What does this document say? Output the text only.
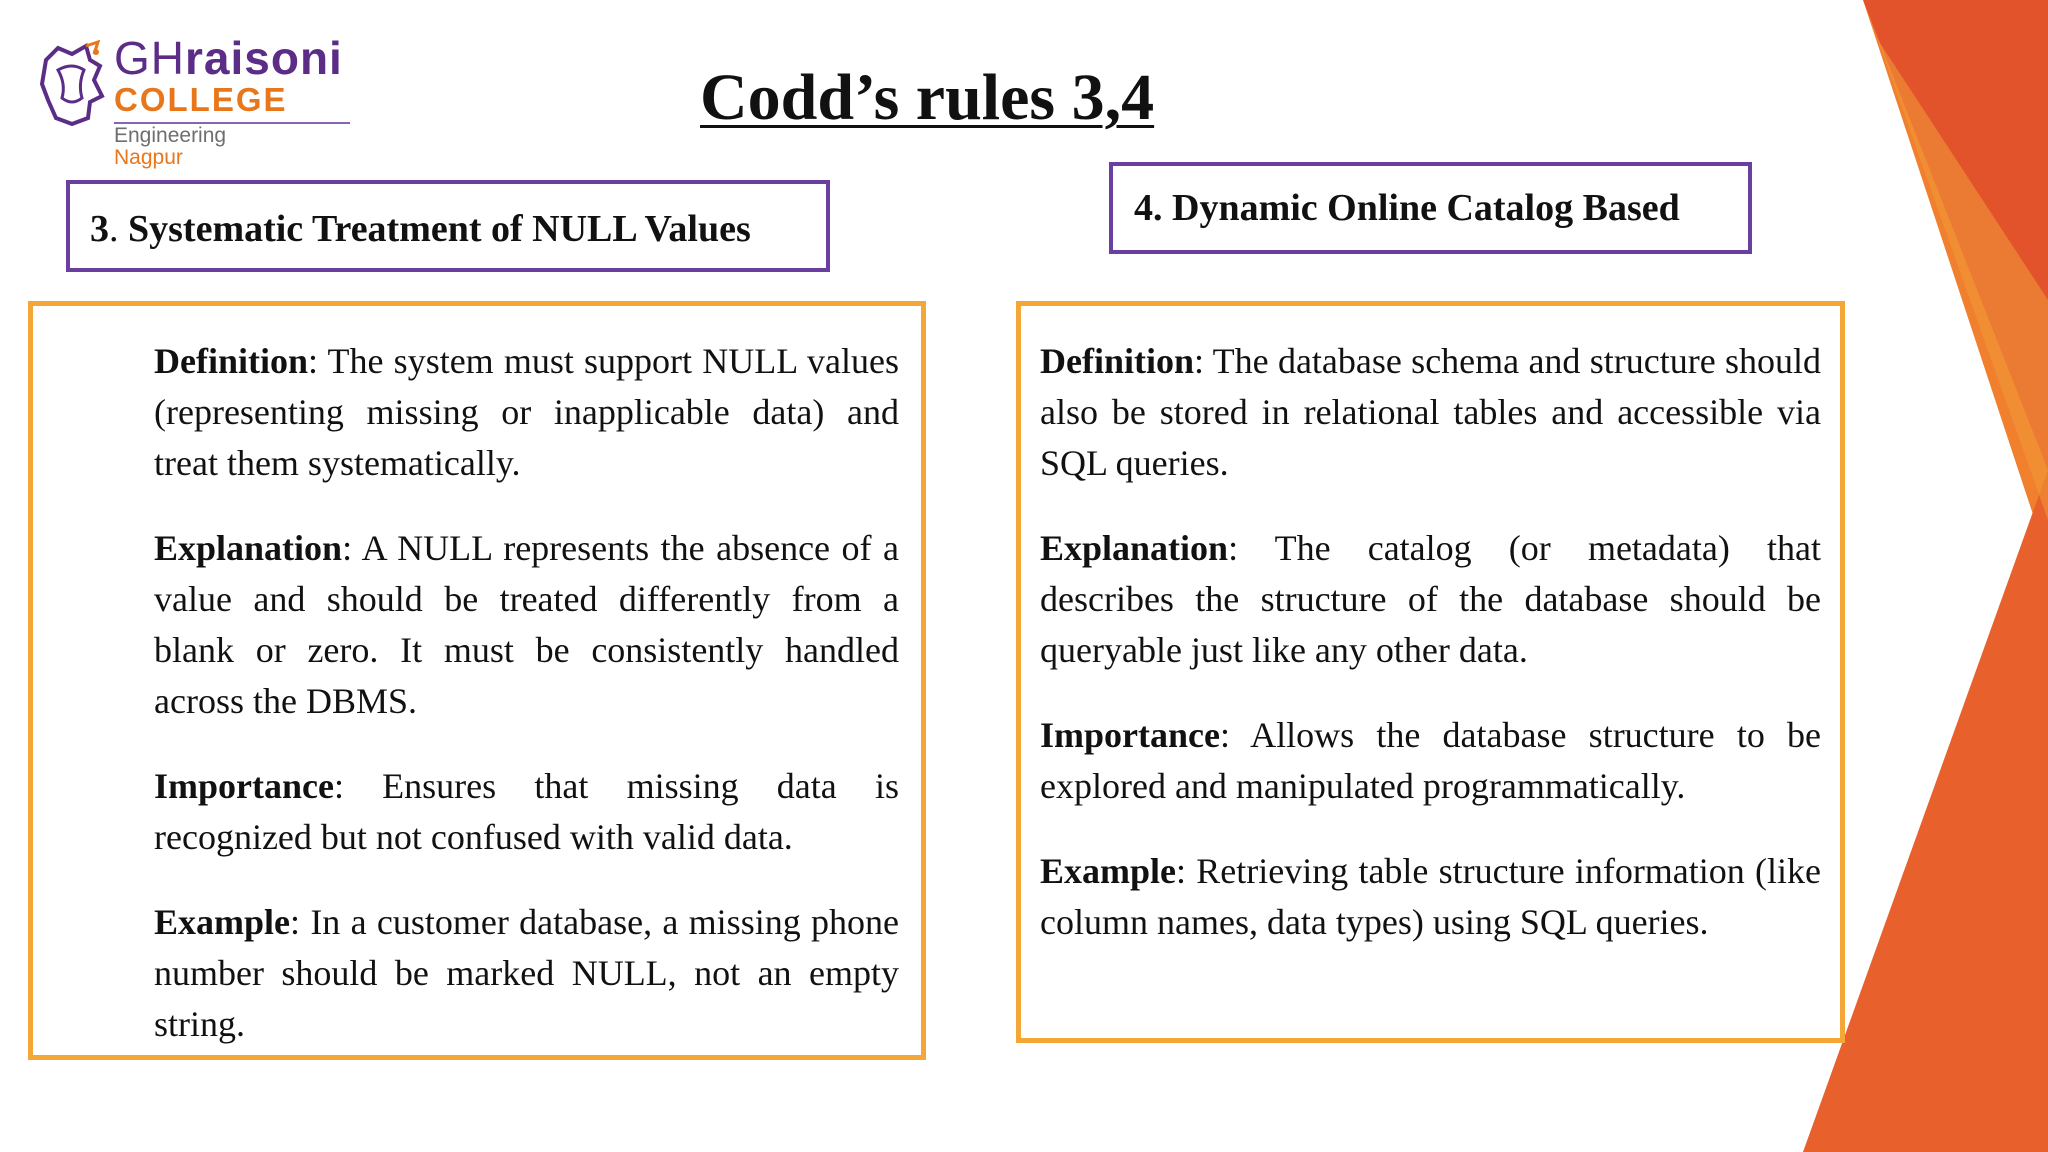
GHraisoni
COLLEGE
Engineering
Nagpur
Codd’s rules 3,4
3. Systematic Treatment of NULL Values	4. Dynamic Online Catalog Based

Definition: The system must support NULL values (representing missing or inapplicable data) and treat them systematically.

Explanation: A NULL represents the absence of a value and should be treated differently from a blank or zero. It must be consistently handled across the DBMS.

Importance: Ensures that missing data is recognized but not confused with valid data.

Example: In a customer database, a missing phone number should be marked NULL, not an empty string.

Definition: The database schema and structure should also be stored in relational tables and accessible via SQL queries.

Explanation: The catalog (or metadata) that describes the structure of the database should be queryable just like any other data.

Importance: Allows the database structure to be explored and manipulated programmatically.

Example: Retrieving table structure information (like column names, data types) using SQL queries.
